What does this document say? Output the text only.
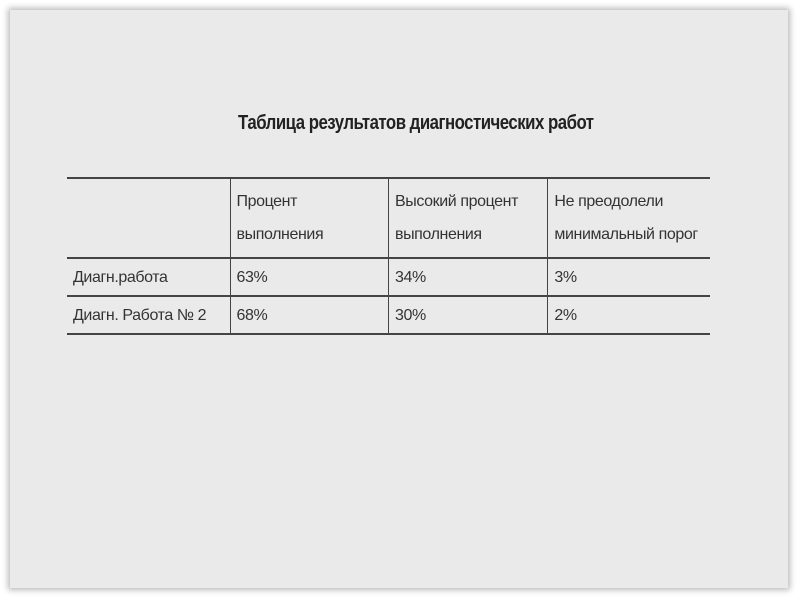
Таблица результатов диагностических работ
	Процент выполнения	Высокий процент выполнения	Не преодолели минимальный порог
Диагн.работа	63%	34%	3%
Диагн. Работа № 2	68%	30%	2%
